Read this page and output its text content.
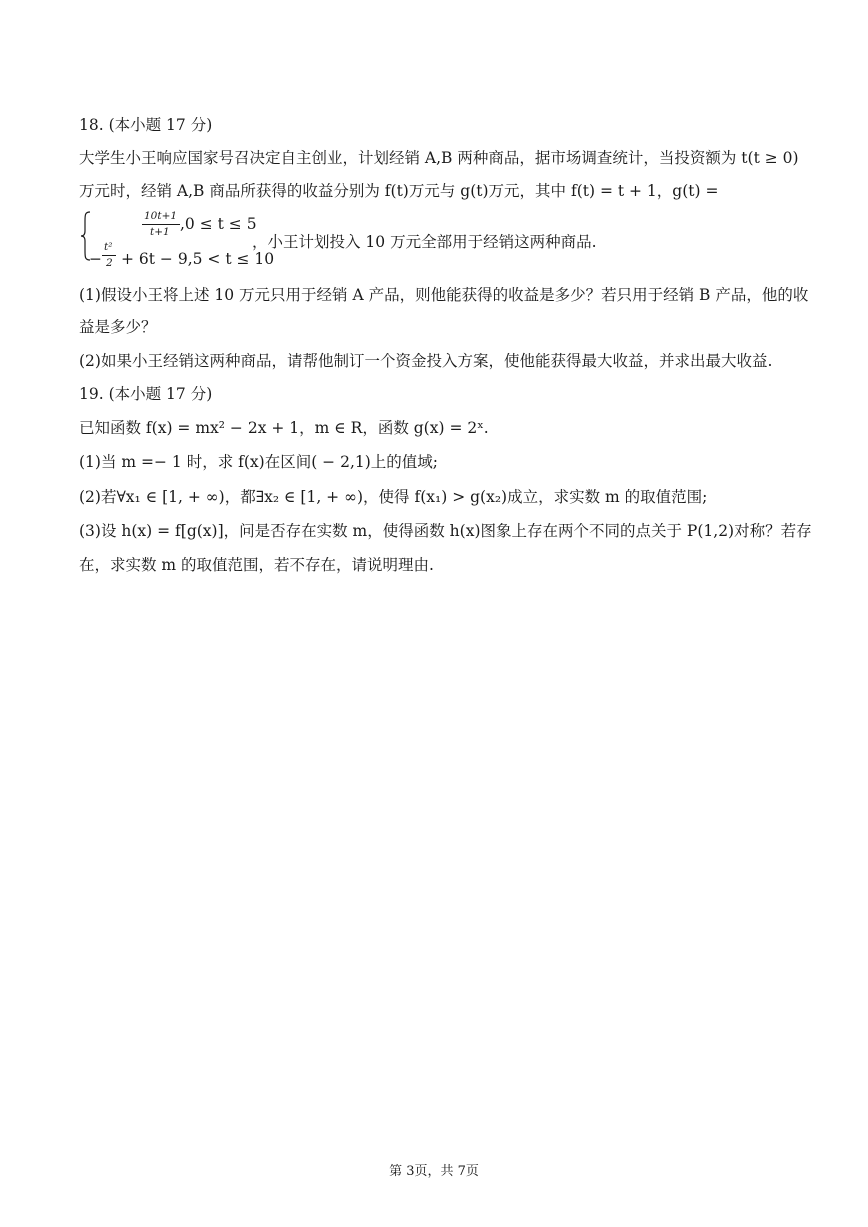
18. (本小题 17 分)
大学生小王响应国家号召决定自主创业，计划经销 A,B 两种商品，据市场调查统计，当投资额为 t(t ≥ 0)
万元时，经销 A,B 商品所获得的收益分别为 f(t)万元与 g(t)万元，其中 f(t) = t + 1，g(t) =
10t+1
t+1 ,0 ≤ t ≤ 5
−
t²
2 + 6t − 9,5 < t ≤ 10
，小王计划投入 10 万元全部用于经销这两种商品.
(1)假设小王将上述 10 万元只用于经销 A 产品，则他能获得的收益是多少？若只用于经销 B 产品，他的收
益是多少？
(2)如果小王经销这两种商品，请帮他制订一个资金投入方案，使他能获得最大收益，并求出最大收益.
19. (本小题 17 分)
已知函数 f(x) = mx² − 2x + 1，m ∈ R，函数 g(x) = 2ˣ.
(1)当 m =− 1 时，求 f(x)在区间( − 2,1)上的值域;
(2)若∀x₁ ∈ [1, + ∞)，都∃x₂ ∈ [1, + ∞)，使得 f(x₁) > g(x₂)成立，求实数 m 的取值范围;
(3)设 h(x) = f[g(x)]，问是否存在实数 m，使得函数 h(x)图象上存在两个不同的点关于 P(1,2)对称？若存
在，求实数 m 的取值范围，若不存在，请说明理由.
第 3页，共 7页
